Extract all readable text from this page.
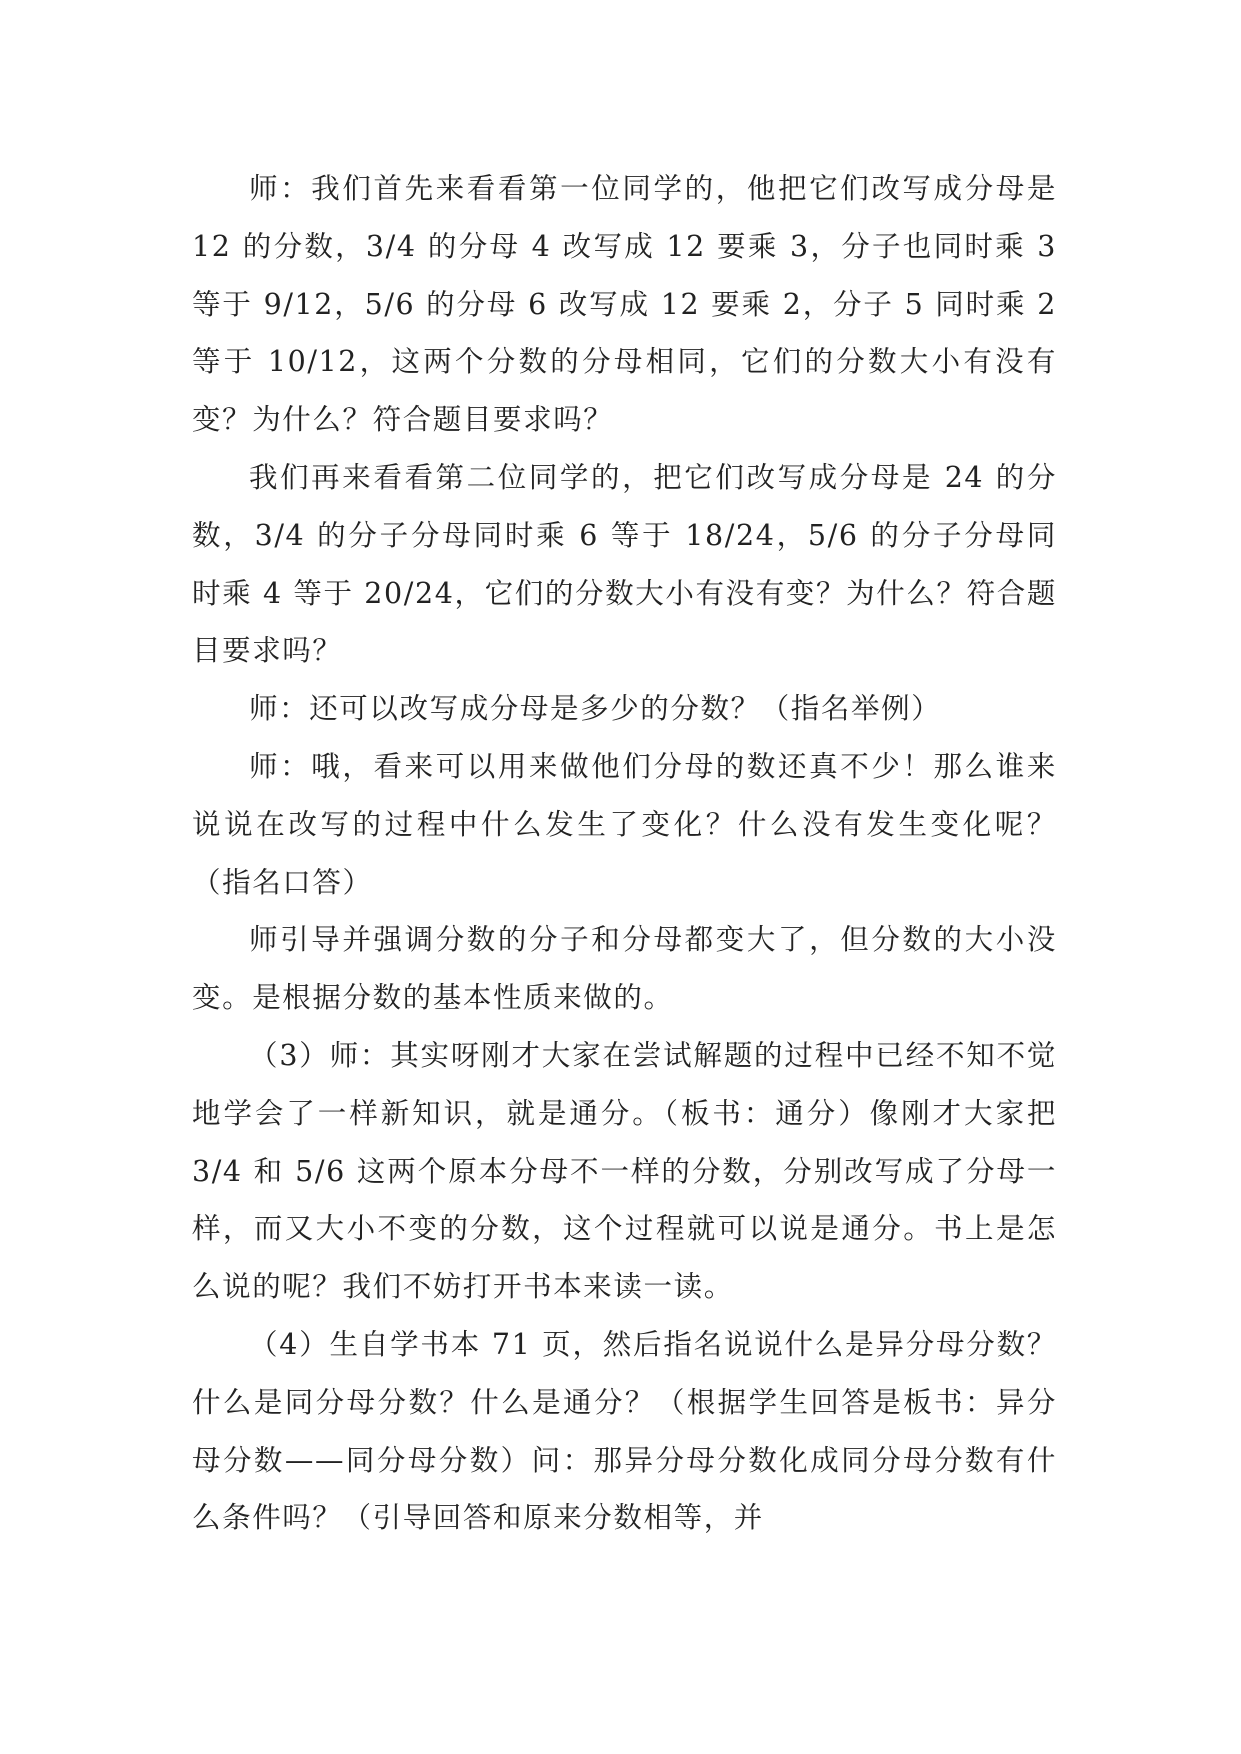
师：我们首先来看看第一位同学的，他把它们改写成分母是 12 的分数，3/4 的分母 4 改写成 12 要乘 3，分子也同时乘 3 等于 9/12，5/6 的分母 6 改写成 12 要乘 2，分子 5 同时乘 2 等于 10/12，这两个分数的分母相同，它们的分数大小有没有变？为什么？符合题目要求吗？

我们再来看看第二位同学的，把它们改写成分母是 24 的分数，3/4 的分子分母同时乘 6 等于 18/24，5/6 的分子分母同时乘 4 等于 20/24，它们的分数大小有没有变？为什么？符合题目要求吗？

师：还可以改写成分母是多少的分数？（指名举例）

师：哦，看来可以用来做他们分母的数还真不少！那么谁来说说在改写的过程中什么发生了变化？什么没有发生变化呢？（指名口答）

师引导并强调分数的分子和分母都变大了，但分数的大小没变。是根据分数的基本性质来做的。

（3）师：其实呀刚才大家在尝试解题的过程中已经不知不觉地学会了一样新知识，就是通分。（板书：通分）像刚才大家把 3/4 和 5/6 这两个原本分母不一样的分数，分别改写成了分母一样，而又大小不变的分数，这个过程就可以说是通分。书上是怎么说的呢？我们不妨打开书本来读一读。

（4）生自学书本 71 页，然后指名说说什么是异分母分数？什么是同分母分数？什么是通分？（根据学生回答是板书：异分母分数——同分母分数）问：那异分母分数化成同分母分数有什么条件吗？（引导回答和原来分数相等，并
